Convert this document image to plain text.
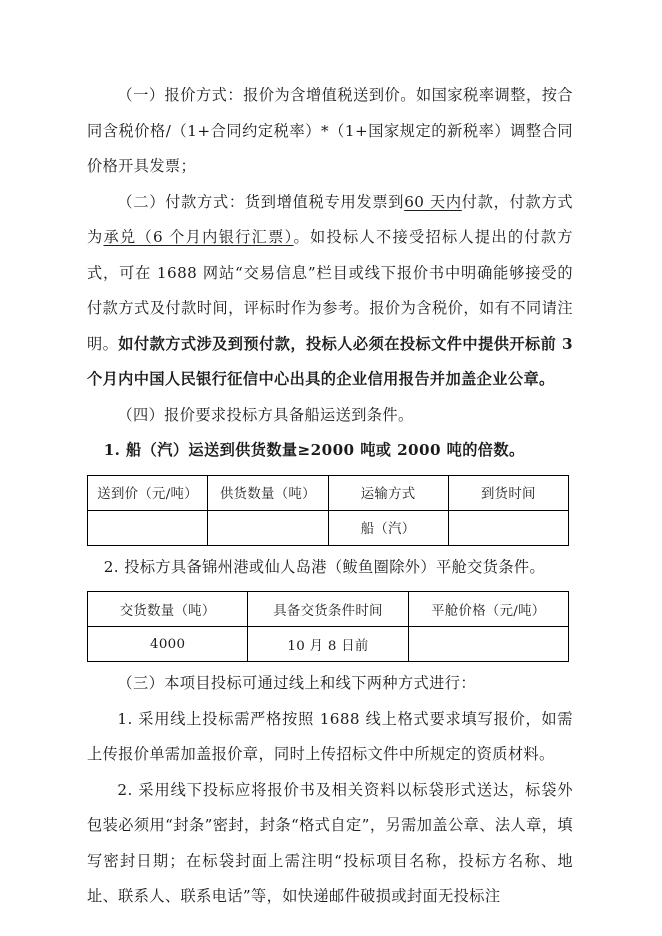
（一）报价方式：报价为含增值税送到价。如国家税率调整，按合同含税价格/（1+合同约定税率）*（1+国家规定的新税率）调整合同价格开具发票；

（二）付款方式：货到增值税专用发票到60 天内付款，付款方式为承兑（6 个月内银行汇票）。如投标人不接受招标人提出的付款方式，可在 1688 网站“交易信息”栏目或线下报价书中明确能够接受的付款方式及付款时间，评标时作为参考。报价为含税价，如有不同请注明。如付款方式涉及到预付款，投标人必须在投标文件中提供开标前 3 个月内中国人民银行征信中心出具的企业信用报告并加盖企业公章。

（四）报价要求投标方具备船运送到条件。

1. 船（汽）运送到供货数量≥2000 吨或 2000 吨的倍数。

送到价（元/吨）	供货数量（吨）	运输方式	到货时间
		船（汽）	

2. 投标方具备锦州港或仙人岛港（鲅鱼圈除外）平舱交货条件。

交货数量（吨）	具备交货条件时间	平舱价格（元/吨）
4000	10 月 8 日前	

（三）本项目投标可通过线上和线下两种方式进行：

1. 采用线上投标需严格按照 1688 线上格式要求填写报价，如需上传报价单需加盖报价章，同时上传招标文件中所规定的资质材料。

2. 采用线下投标应将报价书及相关资料以标袋形式送达，标袋外包装必须用“封条”密封，封条“格式自定”，另需加盖公章、法人章，填写密封日期；在标袋封面上需注明“投标项目名称，投标方名称、地址、联系人、联系电话”等，如快递邮件破损或封面无投标注
